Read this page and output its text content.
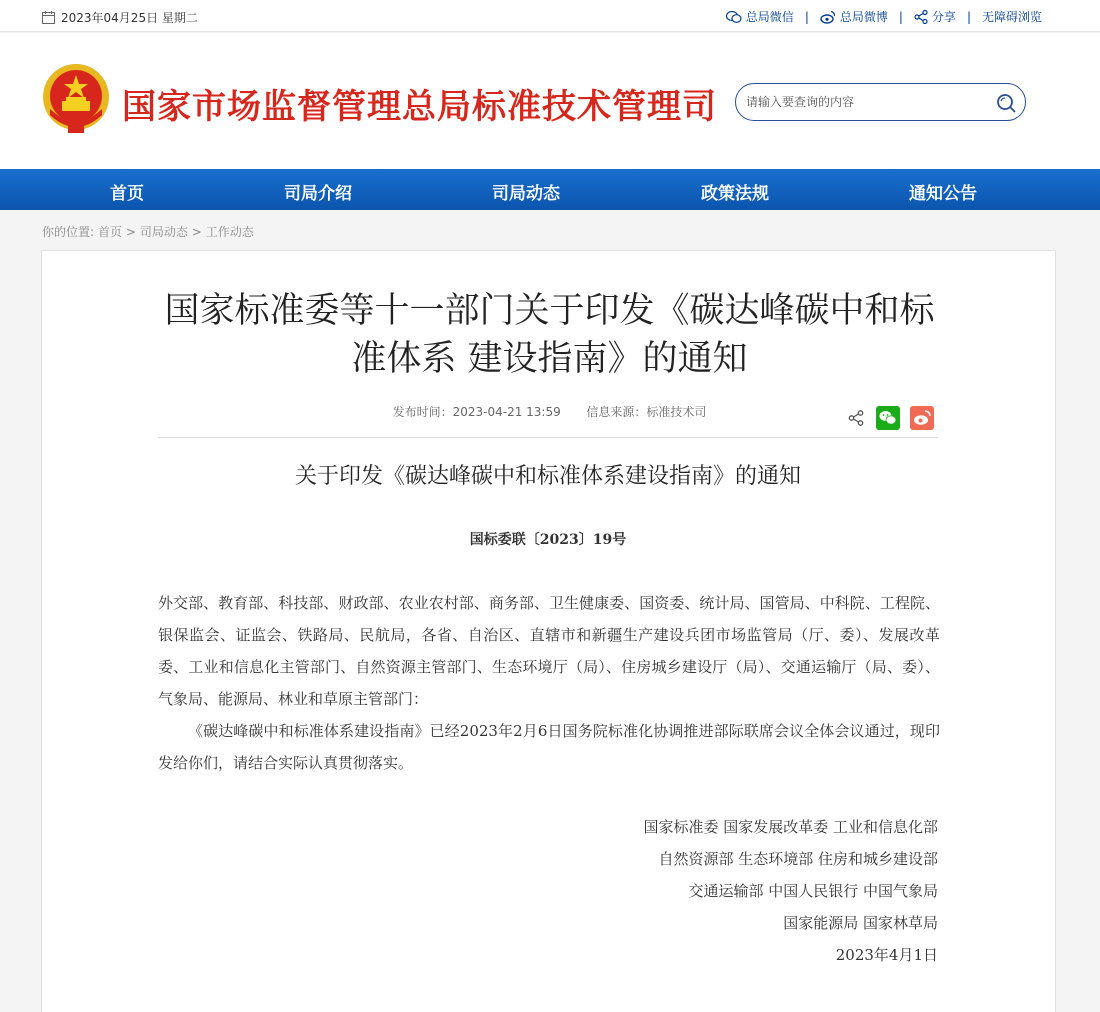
2023年04月25日 星期二	总局微信 |	总局微博 | 分享 | 无障碍浏览
国家市场监督管理总局标准技术管理司
请输入要查询的内容
首页	司局介绍	司局动态	政策法规	通知公告
你的位置: 首页 > 司局动态 > 工作动态
国家标准委等十一部门关于印发《碳达峰碳中和标准体系 建设指南》的通知
发布时间：2023-04-21 13:59 信息来源：标准技术司
关于印发《碳达峰碳中和标准体系建设指南》的通知
国标委联〔2023〕19号

外交部、教育部、科技部、财政部、农业农村部、商务部、卫生健康委、国资委、统计局、国管局、中科院、工程院、银保监会、证监会、铁路局、民航局，各省、自治区、直辖市和新疆生产建设兵团市场监管局（厅、委）、发展改革委、工业和信息化主管部门、自然资源主管部门、生态环境厅（局）、住房城乡建设厅（局）、交通运输厅（局、委）、气象局、能源局、林业和草原主管部门：

《碳达峰碳中和标准体系建设指南》已经2023年2月6日国务院标准化协调推进部际联席会议全体会议通过，现印发给你们，请结合实际认真贯彻落实。

国家标准委 国家发展改革委 工业和信息化部
自然资源部 生态环境部 住房和城乡建设部
交通运输部 中国人民银行 中国气象局
国家能源局 国家林草局
2023年4月1日
